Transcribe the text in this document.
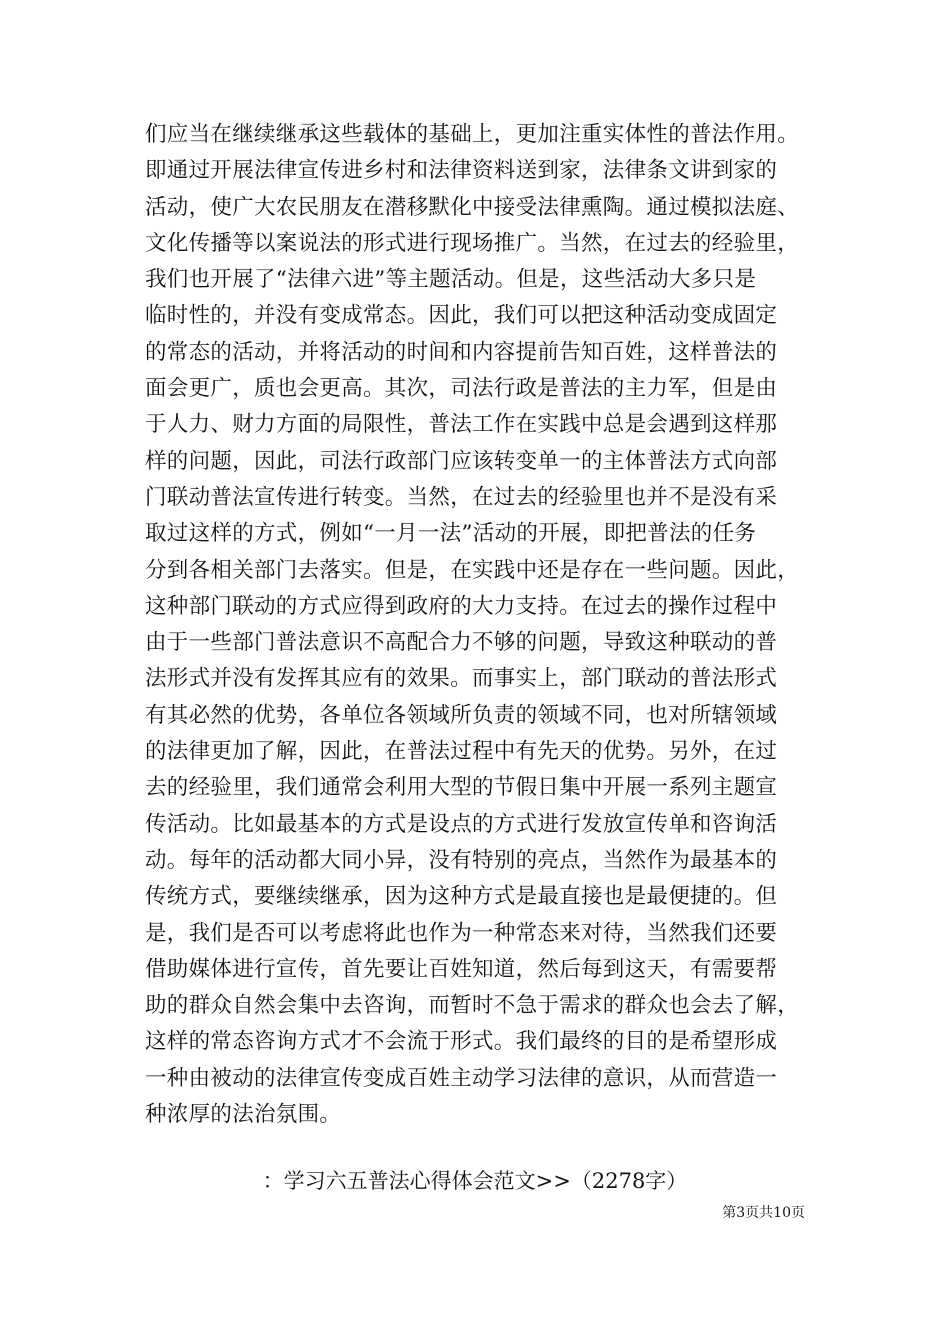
们应当在继续继承这些载体的基础上，更加注重实体性的普法作用。
即通过开展法律宣传进乡村和法律资料送到家，法律条文讲到家的
活动，使广大农民朋友在潜移默化中接受法律熏陶。通过模拟法庭、
文化传播等以案说法的形式进行现场推广。当然，在过去的经验里，
我们也开展了“法律六进”等主题活动。但是，这些活动大多只是
临时性的，并没有变成常态。因此，我们可以把这种活动变成固定
的常态的活动，并将活动的时间和内容提前告知百姓，这样普法的
面会更广，质也会更高。其次，司法行政是普法的主力军，但是由
于人力、财力方面的局限性，普法工作在实践中总是会遇到这样那
样的问题，因此，司法行政部门应该转变单一的主体普法方式向部
门联动普法宣传进行转变。当然，在过去的经验里也并不是没有采
取过这样的方式，例如“一月一法”活动的开展，即把普法的任务
分到各相关部门去落实。但是，在实践中还是存在一些问题。因此，
这种部门联动的方式应得到政府的大力支持。在过去的操作过程中
由于一些部门普法意识不高配合力不够的问题，导致这种联动的普
法形式并没有发挥其应有的效果。而事实上，部门联动的普法形式
有其必然的优势，各单位各领域所负责的领域不同，也对所辖领域
的法律更加了解，因此，在普法过程中有先天的优势。另外，在过
去的经验里，我们通常会利用大型的节假日集中开展一系列主题宣
传活动。比如最基本的方式是设点的方式进行发放宣传单和咨询活
动。每年的活动都大同小异，没有特别的亮点，当然作为最基本的
传统方式，要继续继承，因为这种方式是最直接也是最便捷的。但
是，我们是否可以考虑将此也作为一种常态来对待，当然我们还要
借助媒体进行宣传，首先要让百姓知道，然后每到这天，有需要帮
助的群众自然会集中去咨询，而暂时不急于需求的群众也会去了解，
这样的常态咨询方式才不会流于形式。我们最终的目的是希望形成
一种由被动的法律宣传变成百姓主动学习法律的意识，从而营造一
种浓厚的法治氛围。
：学习六五普法心得体会范文>>（2278字）
第3页共10页
